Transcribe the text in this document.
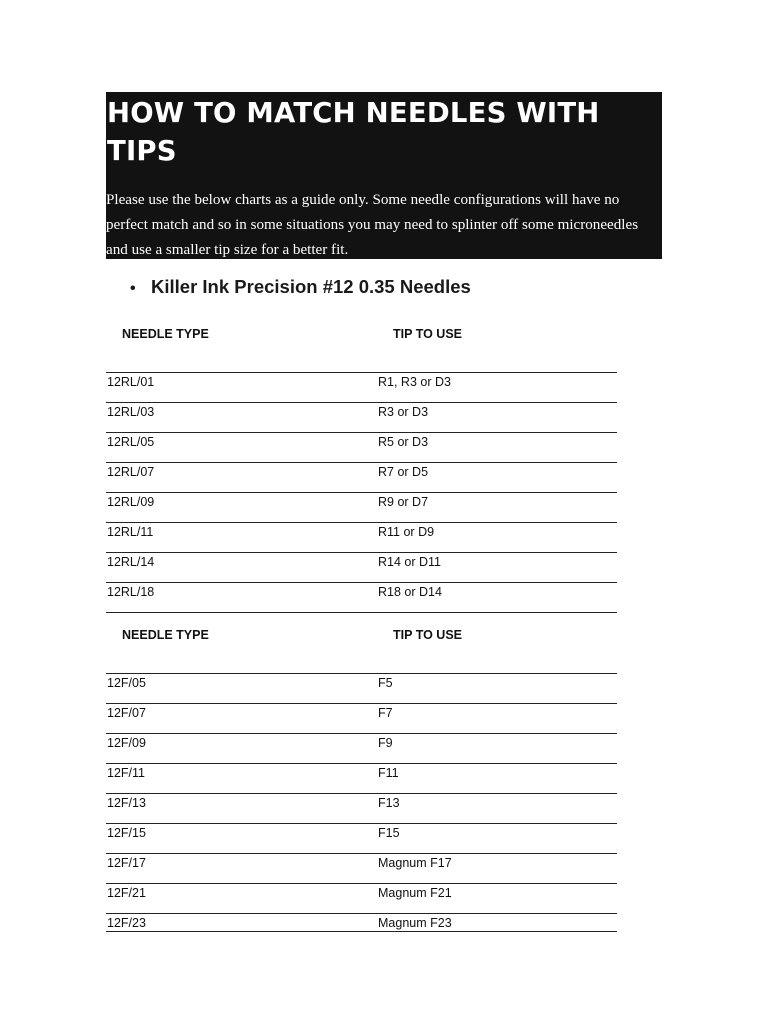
HOW TO MATCH NEEDLES WITH TIPS

Please use the below charts as a guide only. Some needle configurations will have no perfect match and so in some situations you may need to splinter off some microneedles and use a smaller tip size for a better fit.

• Killer Ink Precision #12 0.35 Needles
NEEDLE TYPE	TIP TO USE
12RL/01	R1, R3 or D3
12RL/03	R3 or D3
12RL/05	R5 or D3
12RL/07	R7 or D5
12RL/09	R9 or D7
12RL/11	R11 or D9
12RL/14	R14 or D11
12RL/18	R18 or D14
NEEDLE TYPE	TIP TO USE
12F/05	F5
12F/07	F7
12F/09	F9
12F/11	F11
12F/13	F13
12F/15	F15
12F/17	Magnum F17
12F/21	Magnum F21
12F/23	Magnum F23
